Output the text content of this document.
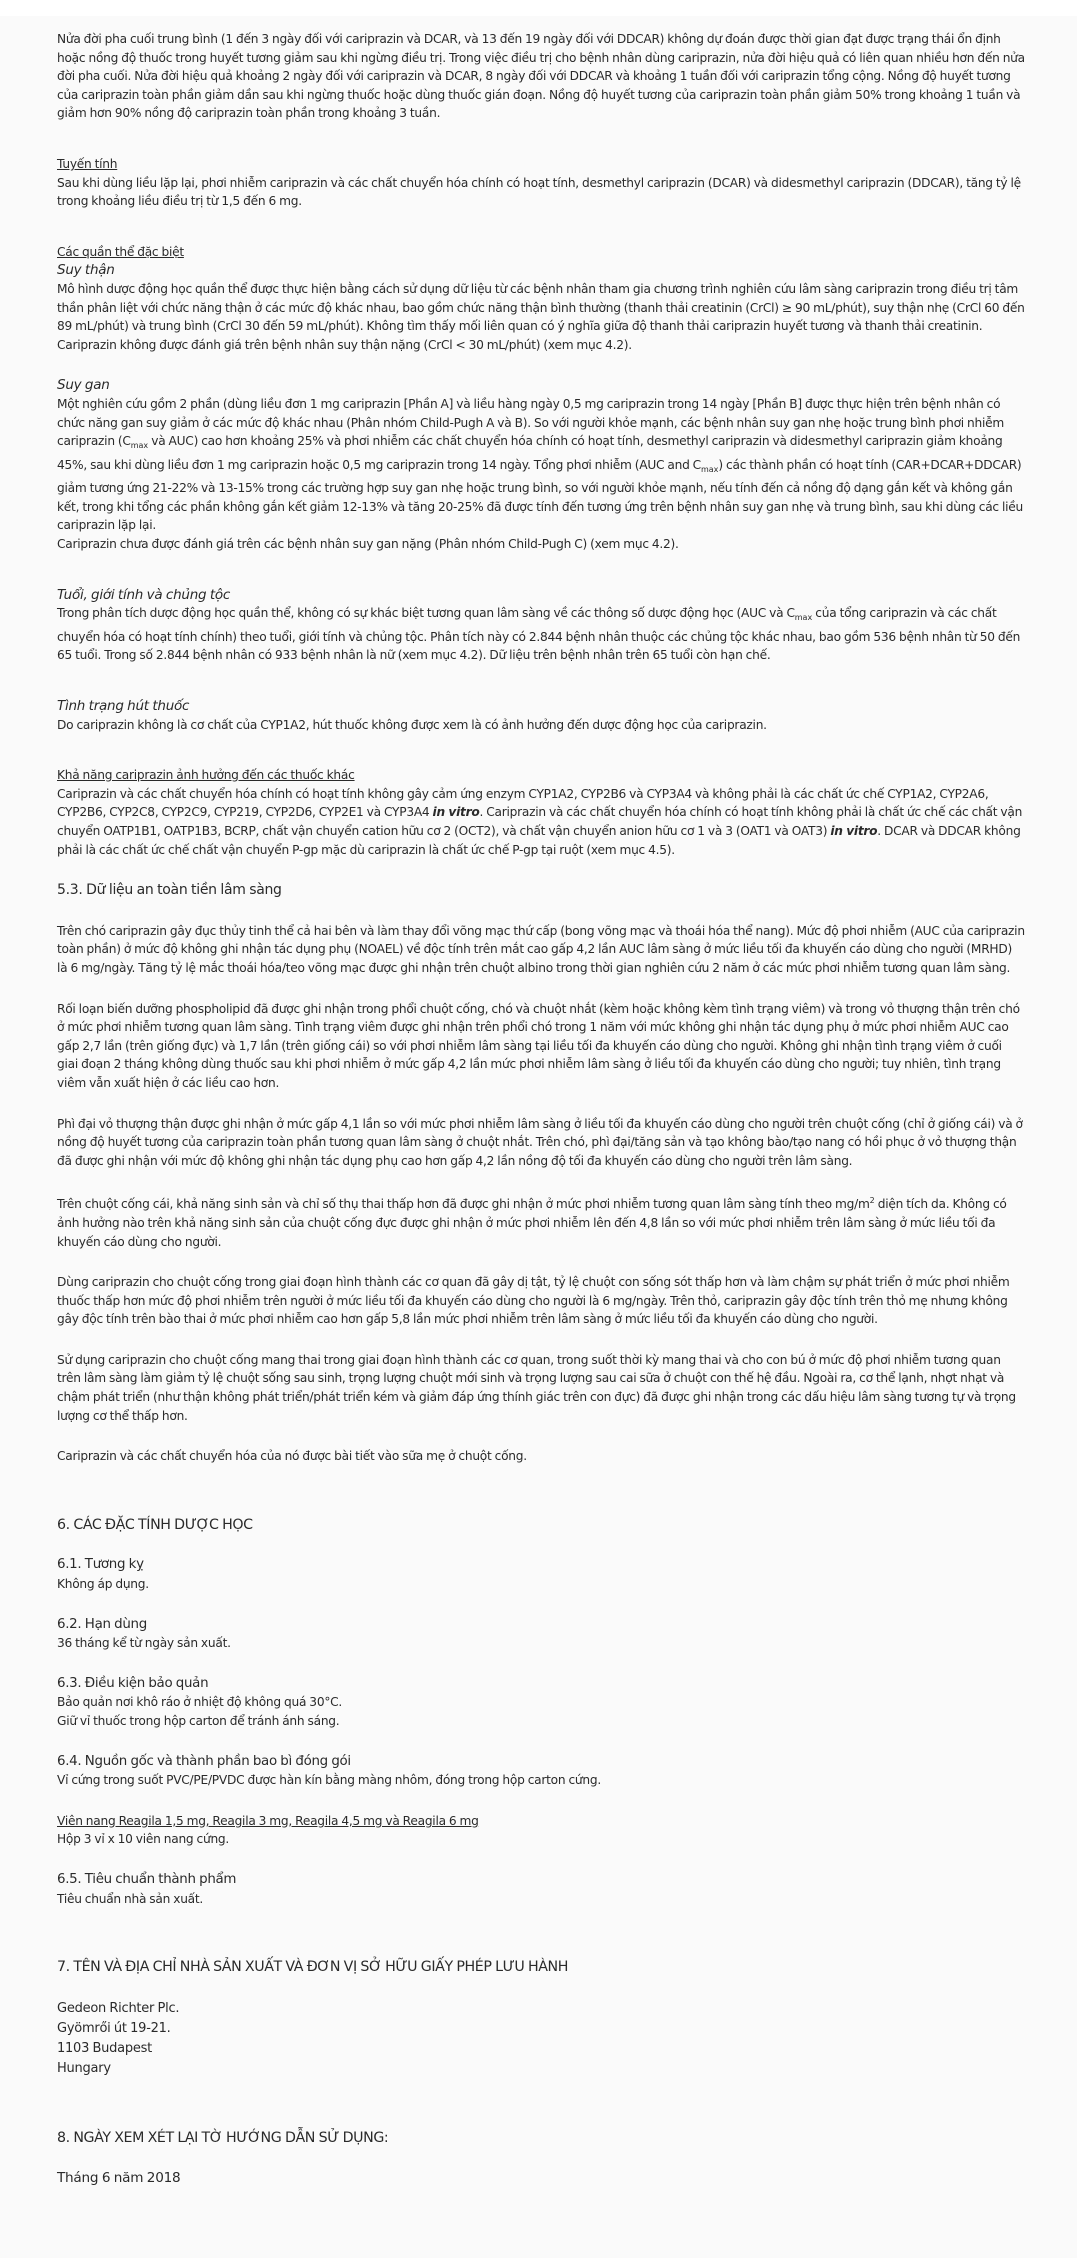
Nửa đời pha cuối trung bình (1 đến 3 ngày đối với cariprazin và DCAR, và 13 đến 19 ngày đối với DDCAR) không dự đoán được thời gian đạt được trạng thái ổn định hoặc nồng độ thuốc trong huyết tương giảm sau khi ngừng điều trị. Trong việc điều trị cho bệnh nhân dùng cariprazin, nửa đời hiệu quả có liên quan nhiều hơn đến nửa đời pha cuối. Nửa đời hiệu quả khoảng 2 ngày đối với cariprazin và DCAR, 8 ngày đối với DDCAR và khoảng 1 tuần đối với cariprazin tổng cộng. Nồng độ huyết tương của cariprazin toàn phần giảm dần sau khi ngừng thuốc hoặc dùng thuốc gián đoạn. Nồng độ huyết tương của cariprazin toàn phần giảm 50% trong khoảng 1 tuần và giảm hơn 90% nồng độ cariprazin toàn phần trong khoảng 3 tuần.

Tuyến tính

Sau khi dùng liều lặp lại, phơi nhiễm cariprazin và các chất chuyển hóa chính có hoạt tính, desmethyl cariprazin (DCAR) và didesmethyl cariprazin (DDCAR), tăng tỷ lệ trong khoảng liều điều trị từ 1,5 đến 6 mg.

Các quần thể đặc biệt

Suy thận

Mô hình dược động học quần thể được thực hiện bằng cách sử dụng dữ liệu từ các bệnh nhân tham gia chương trình nghiên cứu lâm sàng cariprazin trong điều trị tâm thần phân liệt với chức năng thận ở các mức độ khác nhau, bao gồm chức năng thận bình thường (thanh thải creatinin (CrCl) ≥ 90 mL/phút), suy thận nhẹ (CrCl 60 đến 89 mL/phút) và trung bình (CrCl 30 đến 59 mL/phút). Không tìm thấy mối liên quan có ý nghĩa giữa độ thanh thải cariprazin huyết tương và thanh thải creatinin.

Cariprazin không được đánh giá trên bệnh nhân suy thận nặng (CrCl < 30 mL/phút) (xem mục 4.2).

Suy gan

Một nghiên cứu gồm 2 phần (dùng liều đơn 1 mg cariprazin [Phần A] và liều hàng ngày 0,5 mg cariprazin trong 14 ngày [Phần B] được thực hiện trên bệnh nhân có chức năng gan suy giảm ở các mức độ khác nhau (Phân nhóm Child-Pugh A và B). So với người khỏe mạnh, các bệnh nhân suy gan nhẹ hoặc trung bình phơi nhiễm cariprazin ($C_{max}$ và AUC) cao hơn khoảng 25% và phơi nhiễm các chất chuyển hóa chính có hoạt tính, desmethyl cariprazin và didesmethyl cariprazin giảm khoảng 45%, sau khi dùng liều đơn 1 mg cariprazin hoặc 0,5 mg cariprazin trong 14 ngày. Tổng phơi nhiễm (AUC and $C_{max}$) các thành phần có hoạt tính (CAR+DCAR+DDCAR) giảm tương ứng 21-22% và 13-15% trong các trường hợp suy gan nhẹ hoặc trung bình, so với người khỏe mạnh, nếu tính đến cả nồng độ dạng gắn kết và không gắn kết, trong khi tổng các phần không gắn kết giảm 12-13% và tăng 20-25% đã được tính đến tương ứng trên bệnh nhân suy gan nhẹ và trung bình, sau khi dùng các liều cariprazin lặp lại.

Cariprazin chưa được đánh giá trên các bệnh nhân suy gan nặng (Phân nhóm Child-Pugh C) (xem mục 4.2).

Tuổi, giới tính và chủng tộc

Trong phân tích dược động học quần thể, không có sự khác biệt tương quan lâm sàng về các thông số dược động học (AUC và $C_{max}$ của tổng cariprazin và các chất chuyển hóa có hoạt tính chính) theo tuổi, giới tính và chủng tộc. Phân tích này có 2.844 bệnh nhân thuộc các chủng tộc khác nhau, bao gồm 536 bệnh nhân từ 50 đến 65 tuổi. Trong số 2.844 bệnh nhân có 933 bệnh nhân là nữ (xem mục 4.2). Dữ liệu trên bệnh nhân trên 65 tuổi còn hạn chế.

Tình trạng hút thuốc

Do cariprazin không là cơ chất của CYP1A2, hút thuốc không được xem là có ảnh hưởng đến dược động học của cariprazin.

Khả năng cariprazin ảnh hưởng đến các thuốc khác

Cariprazin và các chất chuyển hóa chính có hoạt tính không gây cảm ứng enzym CYP1A2, CYP2B6 và CYP3A4 và không phải là các chất ức chế CYP1A2, CYP2A6, CYP2B6, CYP2C8, CYP2C9, CYP219, CYP2D6, CYP2E1 và CYP3A4 in vitro. Cariprazin và các chất chuyển hóa chính có hoạt tính không phải là chất ức chế các chất vận chuyển OATP1B1, OATP1B3, BCRP, chất vận chuyển cation hữu cơ 2 (OCT2), và chất vận chuyển anion hữu cơ 1 và 3 (OAT1 và OAT3) in vitro. DCAR và DDCAR không phải là các chất ức chế chất vận chuyển P-gp mặc dù cariprazin là chất ức chế P-gp tại ruột (xem mục 4.5).

5.3. Dữ liệu an toàn tiền lâm sàng

Trên chó cariprazin gây đục thủy tinh thể cả hai bên và làm thay đổi võng mạc thứ cấp (bong võng mạc và thoái hóa thể nang). Mức độ phơi nhiễm (AUC của cariprazin toàn phần) ở mức độ không ghi nhận tác dụng phụ (NOAEL) về độc tính trên mắt cao gấp 4,2 lần AUC lâm sàng ở mức liều tối đa khuyến cáo dùng cho người (MRHD) là 6 mg/ngày. Tăng tỷ lệ mắc thoái hóa/teo võng mạc được ghi nhận trên chuột albino trong thời gian nghiên cứu 2 năm ở các mức phơi nhiễm tương quan lâm sàng.

Rối loạn biến dưỡng phospholipid đã được ghi nhận trong phổi chuột cống, chó và chuột nhắt (kèm hoặc không kèm tình trạng viêm) và trong vỏ thượng thận trên chó ở mức phơi nhiễm tương quan lâm sàng. Tình trạng viêm được ghi nhận trên phổi chó trong 1 năm với mức không ghi nhận tác dụng phụ ở mức phơi nhiễm AUC cao gấp 2,7 lần (trên giống đực) và 1,7 lần (trên giống cái) so với phơi nhiễm lâm sàng tại liều tối đa khuyến cáo dùng cho người. Không ghi nhận tình trạng viêm ở cuối giai đoạn 2 tháng không dùng thuốc sau khi phơi nhiễm ở mức gấp 4,2 lần mức phơi nhiễm lâm sàng ở liều tối đa khuyến cáo dùng cho người; tuy nhiên, tình trạng viêm vẫn xuất hiện ở các liều cao hơn.

Phì đại vỏ thượng thận được ghi nhận ở mức gấp 4,1 lần so với mức phơi nhiễm lâm sàng ở liều tối đa khuyến cáo dùng cho người trên chuột cống (chỉ ở giống cái) và ở nồng độ huyết tương của cariprazin toàn phần tương quan lâm sàng ở chuột nhắt. Trên chó, phì đại/tăng sản và tạo không bào/tạo nang có hồi phục ở vỏ thượng thận đã được ghi nhận với mức độ không ghi nhận tác dụng phụ cao hơn gấp 4,2 lần nồng độ tối đa khuyến cáo dùng cho người trên lâm sàng.

Trên chuột cống cái, khả năng sinh sản và chỉ số thụ thai thấp hơn đã được ghi nhận ở mức phơi nhiễm tương quan lâm sàng tính theo $mg/m^2$ diện tích da. Không có ảnh hưởng nào trên khả năng sinh sản của chuột cống đực được ghi nhận ở mức phơi nhiễm lên đến 4,8 lần so với mức phơi nhiễm trên lâm sàng ở mức liều tối đa khuyến cáo dùng cho người.

Dùng cariprazin cho chuột cống trong giai đoạn hình thành các cơ quan đã gây dị tật, tỷ lệ chuột con sống sót thấp hơn và làm chậm sự phát triển ở mức phơi nhiễm thuốc thấp hơn mức độ phơi nhiễm trên người ở mức liều tối đa khuyến cáo dùng cho người là 6 mg/ngày. Trên thỏ, cariprazin gây độc tính trên thỏ mẹ nhưng không gây độc tính trên bào thai ở mức phơi nhiễm cao hơn gấp 5,8 lần mức phơi nhiễm trên lâm sàng ở mức liều tối đa khuyến cáo dùng cho người.

Sử dụng cariprazin cho chuột cống mang thai trong giai đoạn hình thành các cơ quan, trong suốt thời kỳ mang thai và cho con bú ở mức độ phơi nhiễm tương quan trên lâm sàng làm giảm tỷ lệ chuột sống sau sinh, trọng lượng chuột mới sinh và trọng lượng sau cai sữa ở chuột con thế hệ đầu. Ngoài ra, cơ thể lạnh, nhợt nhạt và chậm phát triển (như thận không phát triển/phát triển kém và giảm đáp ứng thính giác trên con đực) đã được ghi nhận trong các dấu hiệu lâm sàng tương tự và trọng lượng cơ thể thấp hơn.

Cariprazin và các chất chuyển hóa của nó được bài tiết vào sữa mẹ ở chuột cống.

6. CÁC ĐẶC TÍNH DƯỢC HỌC

6.1. Tương kỵ

Không áp dụng.

6.2. Hạn dùng

36 tháng kể từ ngày sản xuất.

6.3. Điều kiện bảo quản

Bảo quản nơi khô ráo ở nhiệt độ không quá 30°C.

Giữ vỉ thuốc trong hộp carton để tránh ánh sáng.

6.4. Nguồn gốc và thành phần bao bì đóng gói

Vỉ cứng trong suốt PVC/PE/PVDC được hàn kín bằng màng nhôm, đóng trong hộp carton cứng.

Viên nang Reagila 1,5 mg, Reagila 3 mg, Reagila 4,5 mg và Reagila 6 mg

Hộp 3 vỉ x 10 viên nang cứng.

6.5. Tiêu chuẩn thành phẩm

Tiêu chuẩn nhà sản xuất.

7. TÊN VÀ ĐỊA CHỈ NHÀ SẢN XUẤT VÀ ĐƠN VỊ SỞ HỮU GIẤY PHÉP LƯU HÀNH

Gedeon Richter Plc.

Gyömrői út 19-21.

1103 Budapest

Hungary

8. NGÀY XEM XÉT LẠI TỜ HƯỚNG DẪN SỬ DỤNG:

Tháng 6 năm 2018
